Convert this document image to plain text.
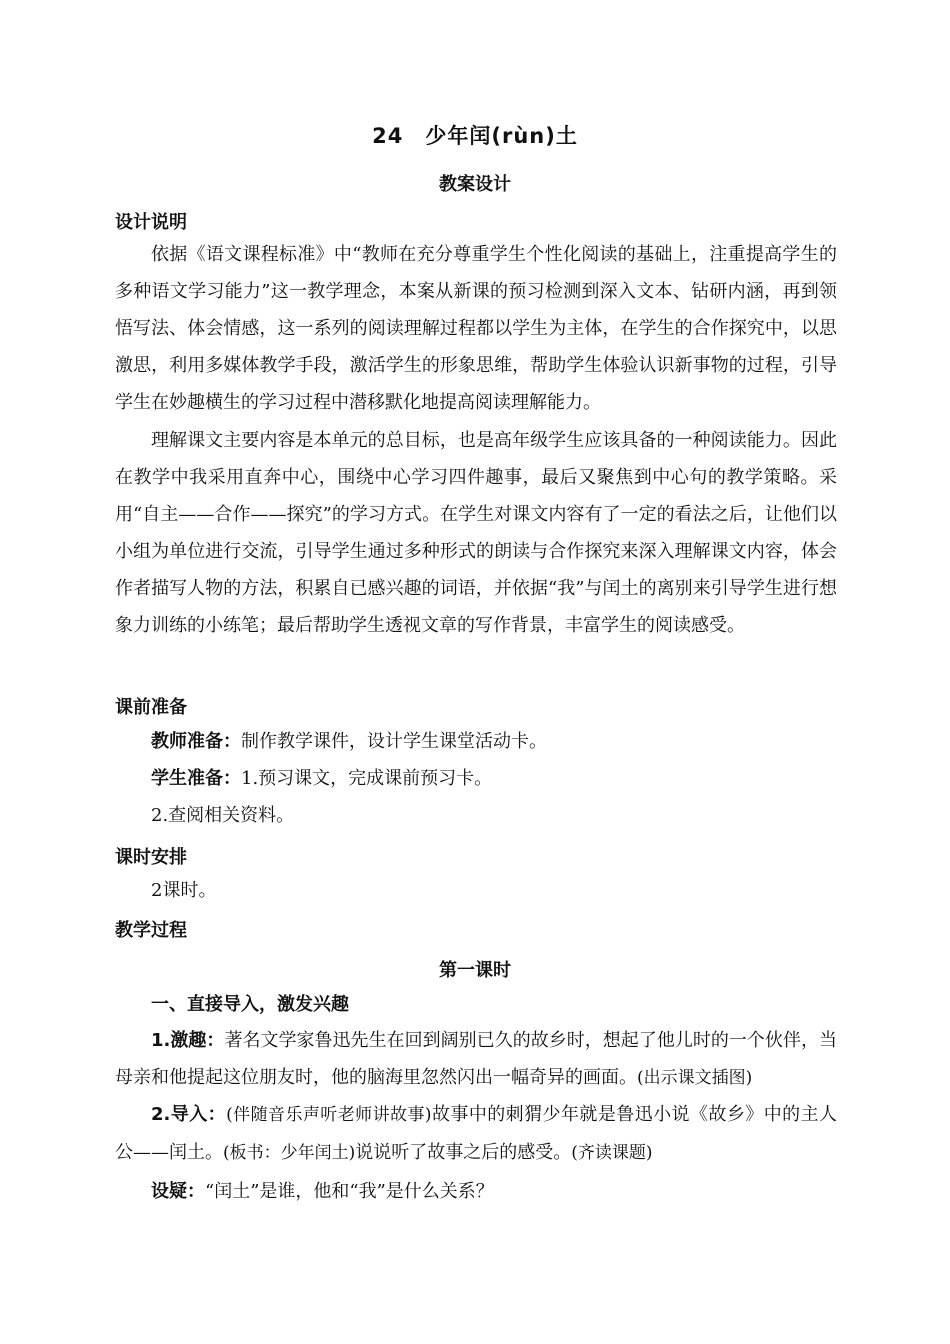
24　少年闰(rùn)土
教案设计
设计说明
依据《语文课程标准》中“教师在充分尊重学生个性化阅读的基础上，注重提高学生的多种语文学习能力”这一教学理念，本案从新课的预习检测到深入文本、钻研内涵，再到领悟写法、体会情感，这一系列的阅读理解过程都以学生为主体，在学生的合作探究中，以思激思，利用多媒体教学手段，激活学生的形象思维，帮助学生体验认识新事物的过程，引导学生在妙趣横生的学习过程中潜移默化地提高阅读理解能力。
理解课文主要内容是本单元的总目标，也是高年级学生应该具备的一种阅读能力。因此在教学中我采用直奔中心，围绕中心学习四件趣事，最后又聚焦到中心句的教学策略。采用“自主——合作——探究”的学习方式。在学生对课文内容有了一定的看法之后，让他们以小组为单位进行交流，引导学生通过多种形式的朗读与合作探究来深入理解课文内容，体会作者描写人物的方法，积累自已感兴趣的词语，并依据“我”与闰土的离别来引导学生进行想象力训练的小练笔；最后帮助学生透视文章的写作背景，丰富学生的阅读感受。
课前准备
教师准备：制作教学课件，设计学生课堂活动卡。
学生准备：1.预习课文，完成课前预习卡。
2.查阅相关资料。
课时安排
2课时。
教学过程
第一课时
一、直接导入，激发兴趣
1.激趣：著名文学家鲁迅先生在回到阔别已久的故乡时，想起了他儿时的一个伙伴，当母亲和他提起这位朋友时，他的脑海里忽然闪出一幅奇异的画面。(出示课文插图)
2.导入：(伴随音乐声听老师讲故事)故事中的刺猬少年就是鲁迅小说《故乡》中的主人公——闰土。(板书：少年闰土)说说听了故事之后的感受。(齐读课题)
设疑：“闰土”是谁，他和“我”是什么关系？
